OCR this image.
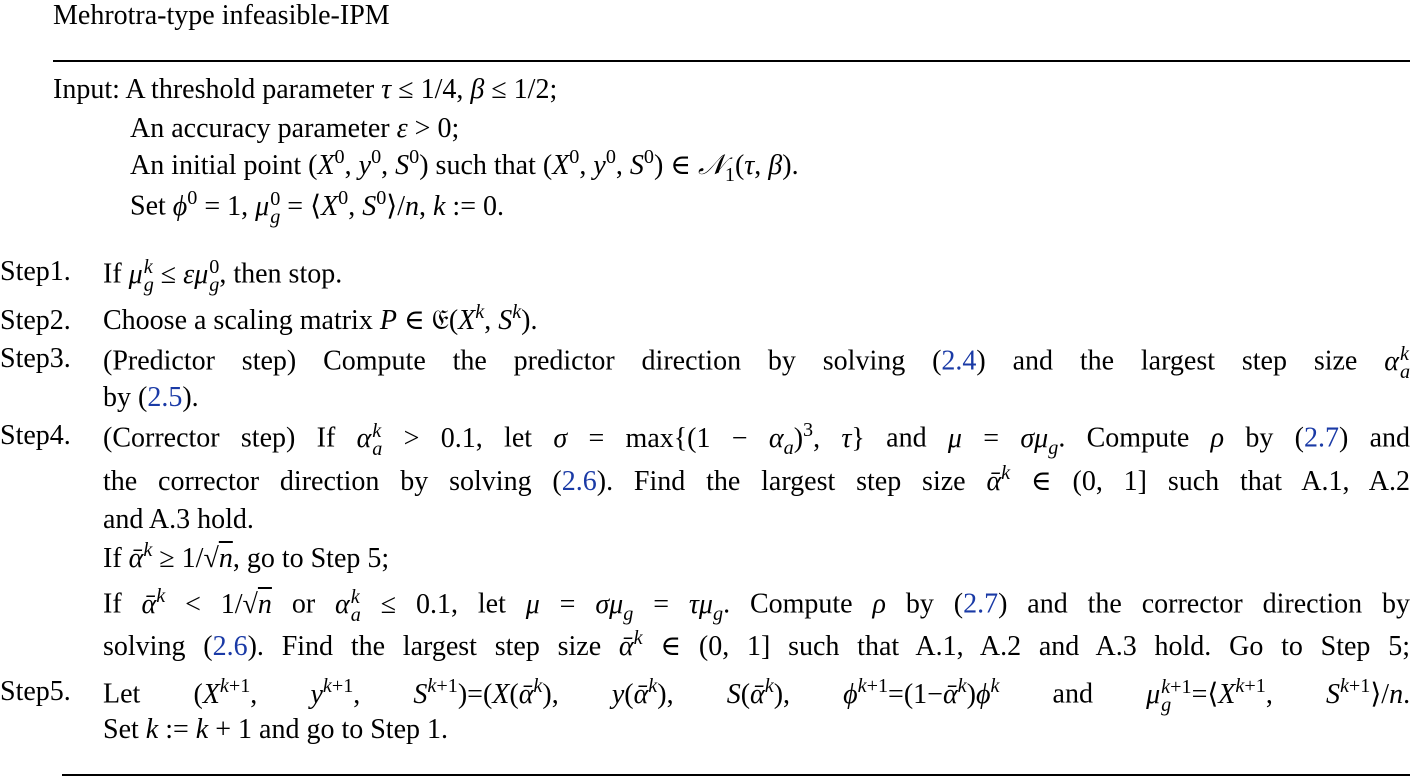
Mehrotra-type infeasible-IPM
Input: A threshold parameter τ ≤ 1/4, β ≤ 1/2;
An accuracy parameter ε > 0;
An initial point ($X^0$, $y^0$, $S^0$) such that ($X^0$, $y^0$, $S^0$) ∈ 𝒩$_1$(τ, β).
Set $\phi^0 = 1$, μ 0
$g = ⟨X^0$, $S^0⟩/n$, k := 0.
Step1. If μ k
g ≤ εμ 0
g , then stop.
Step2. Choose a scaling matrix P ∈ $𝔈(X^k$, $S^k$).
Step3. (Predictor step) Compute the predictor direction by solving (2.4) and the largest step size α k
a
by (2.5).
Step4. (Corrector step) If α k
a > 0.1, let $\sigma = \max\{(1 - \alpha_a)^3$, τ} and $\mu = \sigma\mu_g$. Compute ρ by (2.7) and
the corrector direction by solving (2.6). Find the largest step size ᾱ$^k$ ∈ (0, 1] such that A.1, A.2
and A.3 hold.
If ᾱ$^k$ ≥ 1/√n, go to Step 5;
If ᾱ$^k$ < 1/√n or α k
a ≤ 0.1, let $\mu = \sigma\mu_g = \tau\mu_g$. Compute ρ by (2.7) and the corrector direction by
solving (2.6). Find the largest step size ᾱ$^k$ ∈ (0, 1] such that A.1, A.2 and A.3 hold. Go to Step 5;
Step5. Let ($X^{k+1}$, $y^{k+1}$, $S^{k+1})=(X(ᾱ^k)$, y(ᾱ$^k$), S(ᾱ$^k$), $\phi^{k+1}=(1-ᾱ^k)\phi^k$ and μ k+1
$g =⟨X^{k+1}$, $S^{k+1}⟩/n$.
Set k := k + 1 and go to Step 1.
